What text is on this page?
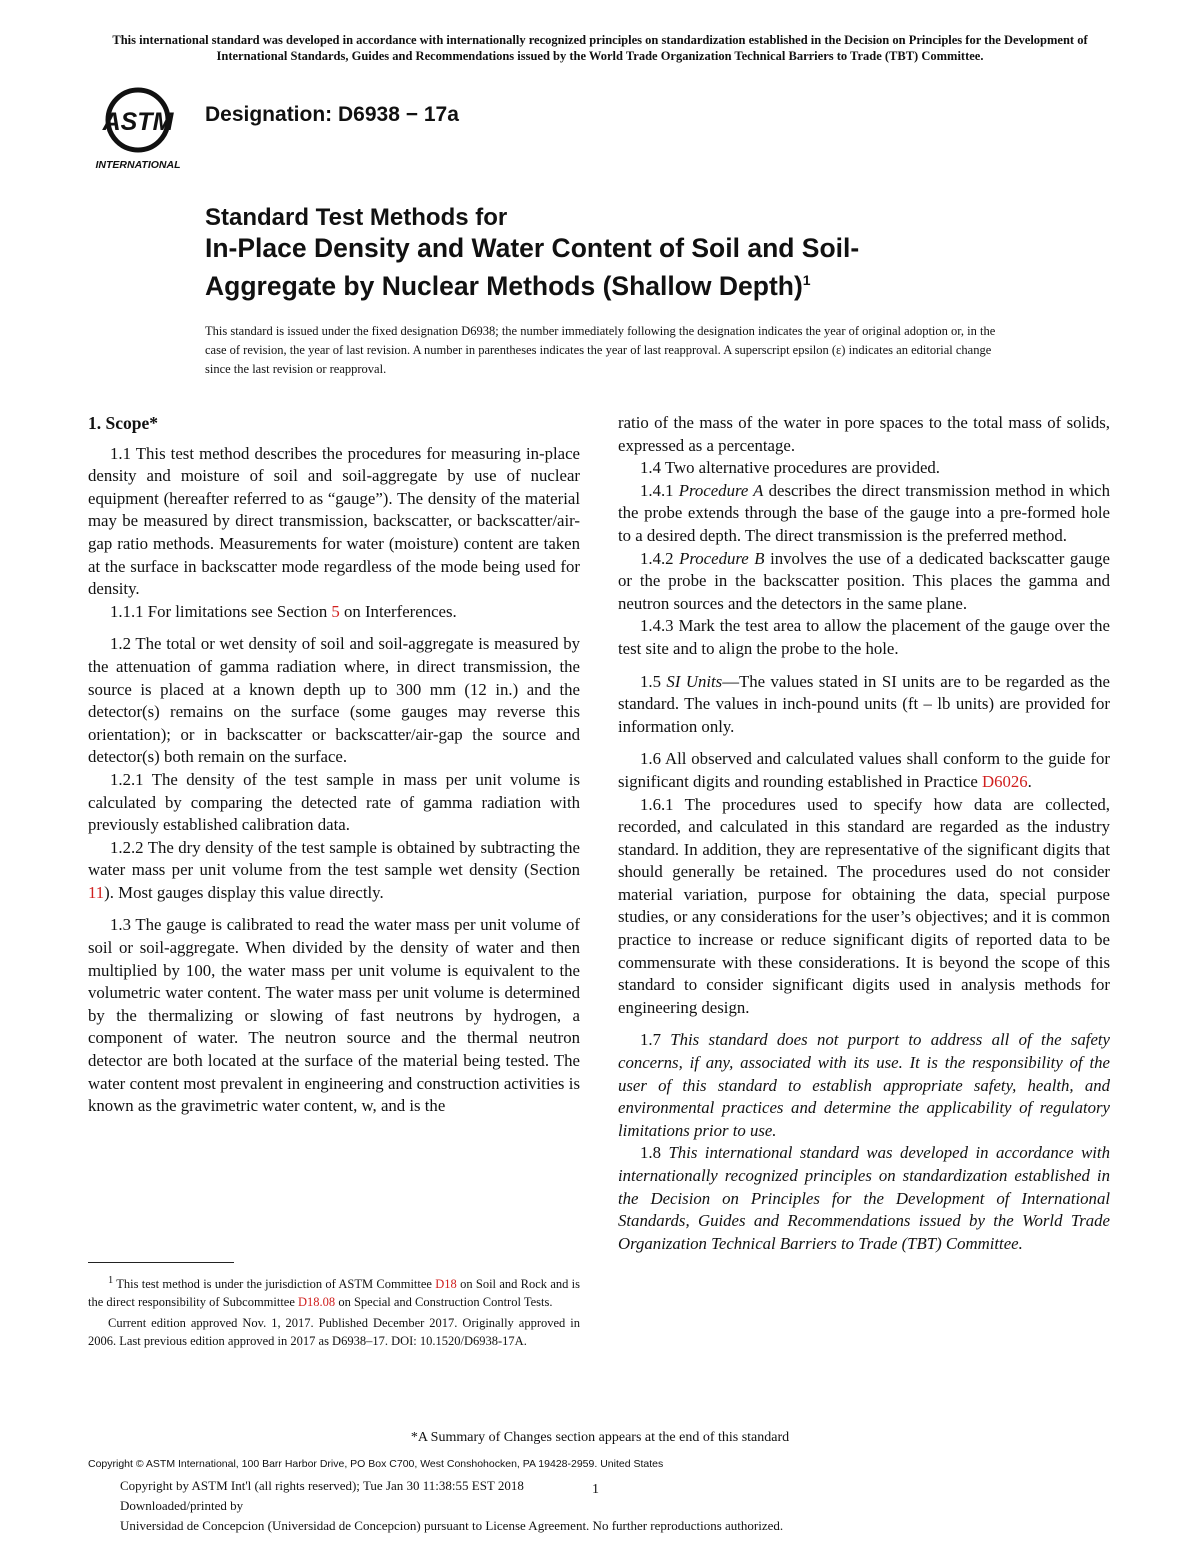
This international standard was developed in accordance with internationally recognized principles on standardization established in the Decision on Principles for the Development of International Standards, Guides and Recommendations issued by the World Trade Organization Technical Barriers to Trade (TBT) Committee.
ASTM
INTERNATIONAL
Designation: D6938 − 17a
Standard Test Methods for
In-Place Density and Water Content of Soil and Soil-
Aggregate by Nuclear Methods (Shallow Depth)$^1$
This standard is issued under the fixed designation D6938; the number immediately following the designation indicates the year of original adoption or, in the case of revision, the year of last revision. A number in parentheses indicates the year of last reapproval. A superscript epsilon (ε) indicates an editorial change since the last revision or reapproval.
1. Scope*

1.1 This test method describes the procedures for measuring in-place density and moisture of soil and soil-aggregate by use of nuclear equipment (hereafter referred to as “gauge”). The density of the material may be measured by direct transmission, backscatter, or backscatter/air-gap ratio methods. Measurements for water (moisture) content are taken at the surface in backscatter mode regardless of the mode being used for density.

1.1.1 For limitations see Section 5 on Interferences.

1.2 The total or wet density of soil and soil-aggregate is measured by the attenuation of gamma radiation where, in direct transmission, the source is placed at a known depth up to 300 mm (12 in.) and the detector(s) remains on the surface (some gauges may reverse this orientation); or in backscatter or backscatter/air-gap the source and detector(s) both remain on the surface.

1.2.1 The density of the test sample in mass per unit volume is calculated by comparing the detected rate of gamma radiation with previously established calibration data.

1.2.2 The dry density of the test sample is obtained by subtracting the water mass per unit volume from the test sample wet density (Section 11). Most gauges display this value directly.

1.3 The gauge is calibrated to read the water mass per unit volume of soil or soil-aggregate. When divided by the density of water and then multiplied by 100, the water mass per unit volume is equivalent to the volumetric water content. The water mass per unit volume is determined by the thermalizing or slowing of fast neutrons by hydrogen, a component of water. The neutron source and the thermal neutron detector are both located at the surface of the material being tested. The water content most prevalent in engineering and construction activities is known as the gravimetric water content, w, and is the

$^1$ This test method is under the jurisdiction of ASTM Committee D18 on Soil and Rock and is the direct responsibility of Subcommittee D18.08 on Special and Construction Control Tests.

Current edition approved Nov. 1, 2017. Published December 2017. Originally approved in 2006. Last previous edition approved in 2017 as D6938–17. DOI: 10.1520/D6938-17A.

ratio of the mass of the water in pore spaces to the total mass of solids, expressed as a percentage.

1.4 Two alternative procedures are provided.

1.4.1 Procedure A describes the direct transmission method in which the probe extends through the base of the gauge into a pre-formed hole to a desired depth. The direct transmission is the preferred method.

1.4.2 Procedure B involves the use of a dedicated backscatter gauge or the probe in the backscatter position. This places the gamma and neutron sources and the detectors in the same plane.

1.4.3 Mark the test area to allow the placement of the gauge over the test site and to align the probe to the hole.

1.5 SI Units—The values stated in SI units are to be regarded as the standard. The values in inch-pound units (ft – lb units) are provided for information only.

1.6 All observed and calculated values shall conform to the guide for significant digits and rounding established in Practice D6026.

1.6.1 The procedures used to specify how data are collected, recorded, and calculated in this standard are regarded as the industry standard. In addition, they are representative of the significant digits that should generally be retained. The procedures used do not consider material variation, purpose for obtaining the data, special purpose studies, or any considerations for the user’s objectives; and it is common practice to increase or reduce significant digits of reported data to be commensurate with these considerations. It is beyond the scope of this standard to consider significant digits used in analysis methods for engineering design.

1.7 This standard does not purport to address all of the safety concerns, if any, associated with its use. It is the responsibility of the user of this standard to establish appropriate safety, health, and environmental practices and determine the applicability of regulatory limitations prior to use.

1.8 This international standard was developed in accordance with internationally recognized principles on standardization established in the Decision on Principles for the Development of International Standards, Guides and Recommendations issued by the World Trade Organization Technical Barriers to Trade (TBT) Committee.

*A Summary of Changes section appears at the end of this standard
Copyright © ASTM International, 100 Barr Harbor Drive, PO Box C700, West Conshohocken, PA 19428-2959. United States
Copyright by ASTM Int'l (all rights reserved); Tue Jan 30 11:38:55 EST 2018
Downloaded/printed by
Universidad de Concepcion (Universidad de Concepcion) pursuant to License Agreement. No further reproductions authorized.
1
